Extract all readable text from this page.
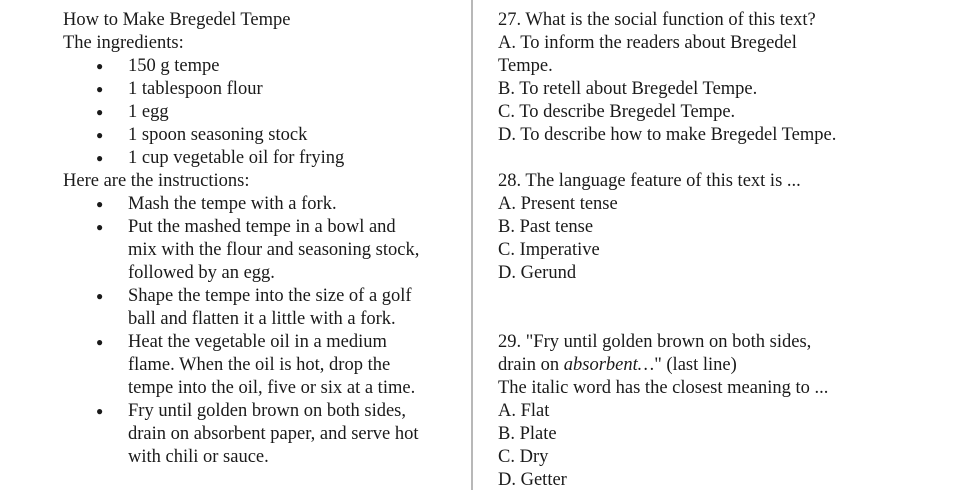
How to Make Bregedel Tempe
The ingredients:
● 150 g tempe
● 1 tablespoon flour
● 1 egg
● 1 spoon seasoning stock
● 1 cup vegetable oil for frying
Here are the instructions:
● Mash the tempe with a fork.
● Put the mashed tempe in a bowl and
mix with the flour and seasoning stock,
followed by an egg.
● Shape the tempe into the size of a golf
ball and flatten it a little with a fork.
● Heat the vegetable oil in a medium
flame. When the oil is hot, drop the
tempe into the oil, five or six at a time.
● Fry until golden brown on both sides,
drain on absorbent paper, and serve hot
with chili or sauce.
27. What is the social function of this text?
A. To inform the readers about Bregedel
Tempe.
B. To retell about Bregedel Tempe.
C. To describe Bregedel Tempe.
D. To describe how to make Bregedel Tempe.
28. The language feature of this text is ...
A. Present tense
B. Past tense
C. Imperative
D. Gerund
29. "Fry until golden brown on both sides,
drain on absorbent…" (last line)
The italic word has the closest meaning to ...
A. Flat
B. Plate
C. Dry
D. Getter
